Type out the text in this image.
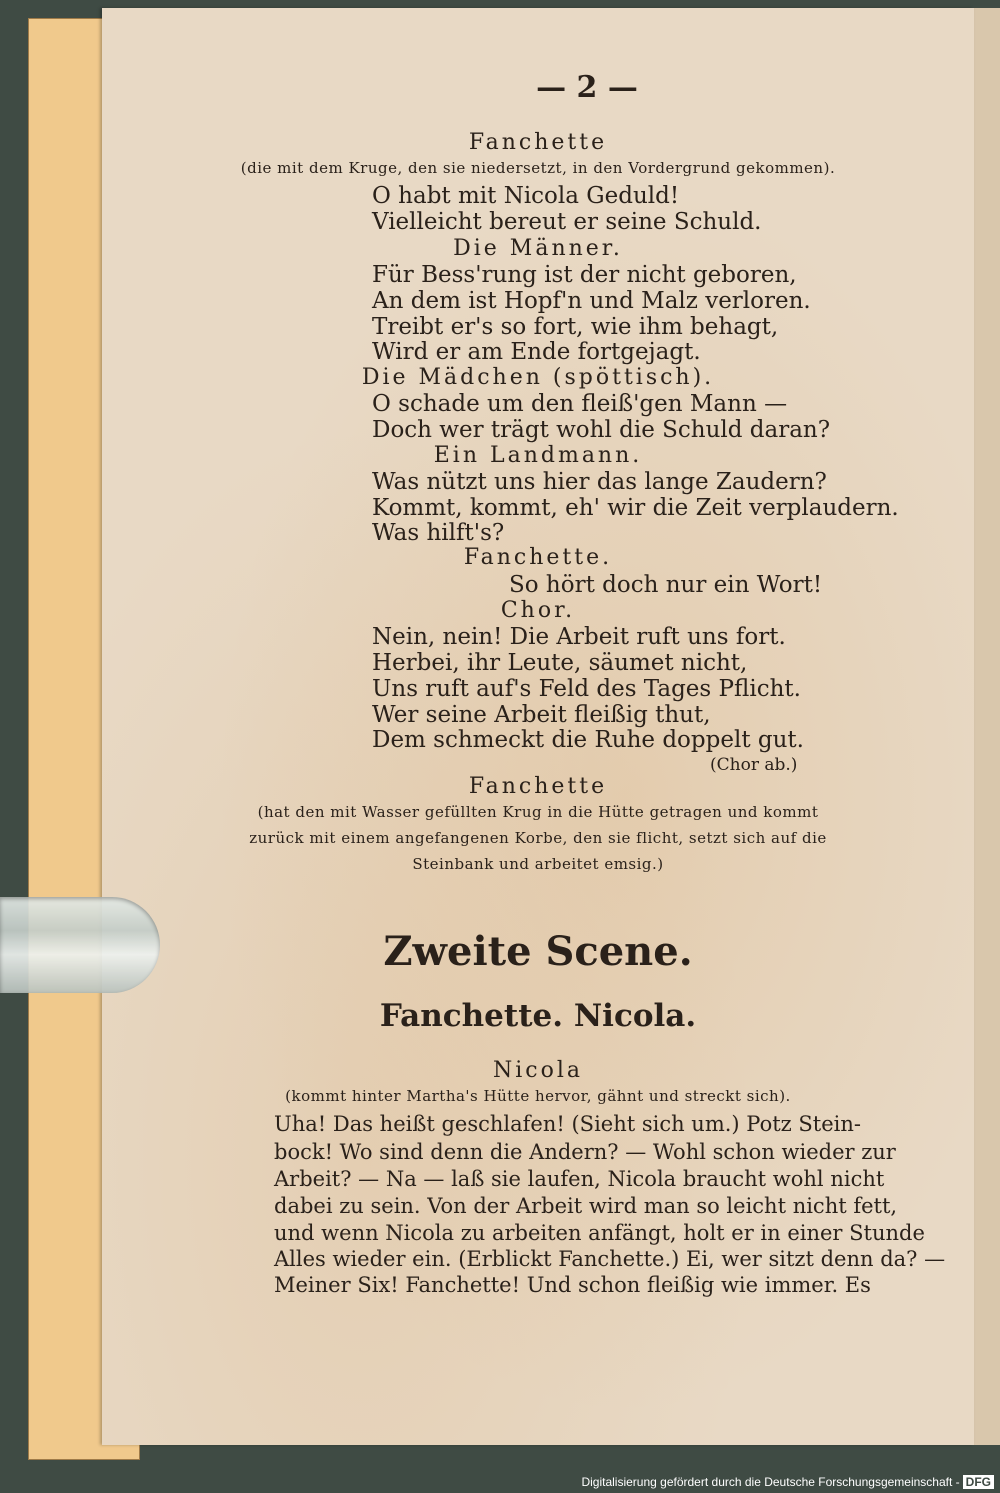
— 2 —
Fanchette
(die mit dem Kruge, den sie niedersetzt, in den Vordergrund gekommen).
O habt mit Nicola Geduld!
Vielleicht bereut er seine Schuld.
Die Männer.
Für Bess'rung ist der nicht geboren,
An dem ist Hopf'n und Malz verloren.
Treibt er's so fort, wie ihm behagt,
Wird er am Ende fortgejagt.
Die Mädchen (spöttisch).
O schade um den fleiß'gen Mann —
Doch wer trägt wohl die Schuld daran?
Ein Landmann.
Was nützt uns hier das lange Zaudern?
Kommt, kommt, eh' wir die Zeit verplaudern.
Was hilft's?
Fanchette.
So hört doch nur ein Wort!
Chor.
Nein, nein! Die Arbeit ruft uns fort.
Herbei, ihr Leute, säumet nicht,
Uns ruft auf's Feld des Tages Pflicht.
Wer seine Arbeit fleißig thut,
Dem schmeckt die Ruhe doppelt gut.
(Chor ab.)
Fanchette
(hat den mit Wasser gefüllten Krug in die Hütte getragen und kommt
zurück mit einem angefangenen Korbe, den sie flicht, setzt sich auf die
Steinbank und arbeitet emsig.)
Zweite Scene.
Fanchette. Nicola.
Nicola
(kommt hinter Martha's Hütte hervor, gähnt und streckt sich).
Uha! Das heißt geschlafen! (Sieht sich um.) Potz Stein-
bock! Wo sind denn die Andern? — Wohl schon wieder zur
Arbeit? — Na — laß sie laufen, Nicola braucht wohl nicht
dabei zu sein. Von der Arbeit wird man so leicht nicht fett,
und wenn Nicola zu arbeiten anfängt, holt er in einer Stunde
Alles wieder ein. (Erblickt Fanchette.) Ei, wer sitzt denn da? —
Meiner Six! Fanchette! Und schon fleißig wie immer. Es
Digitalisierung gefördert durch die Deutsche Forschungsgemeinschaft - DFG
